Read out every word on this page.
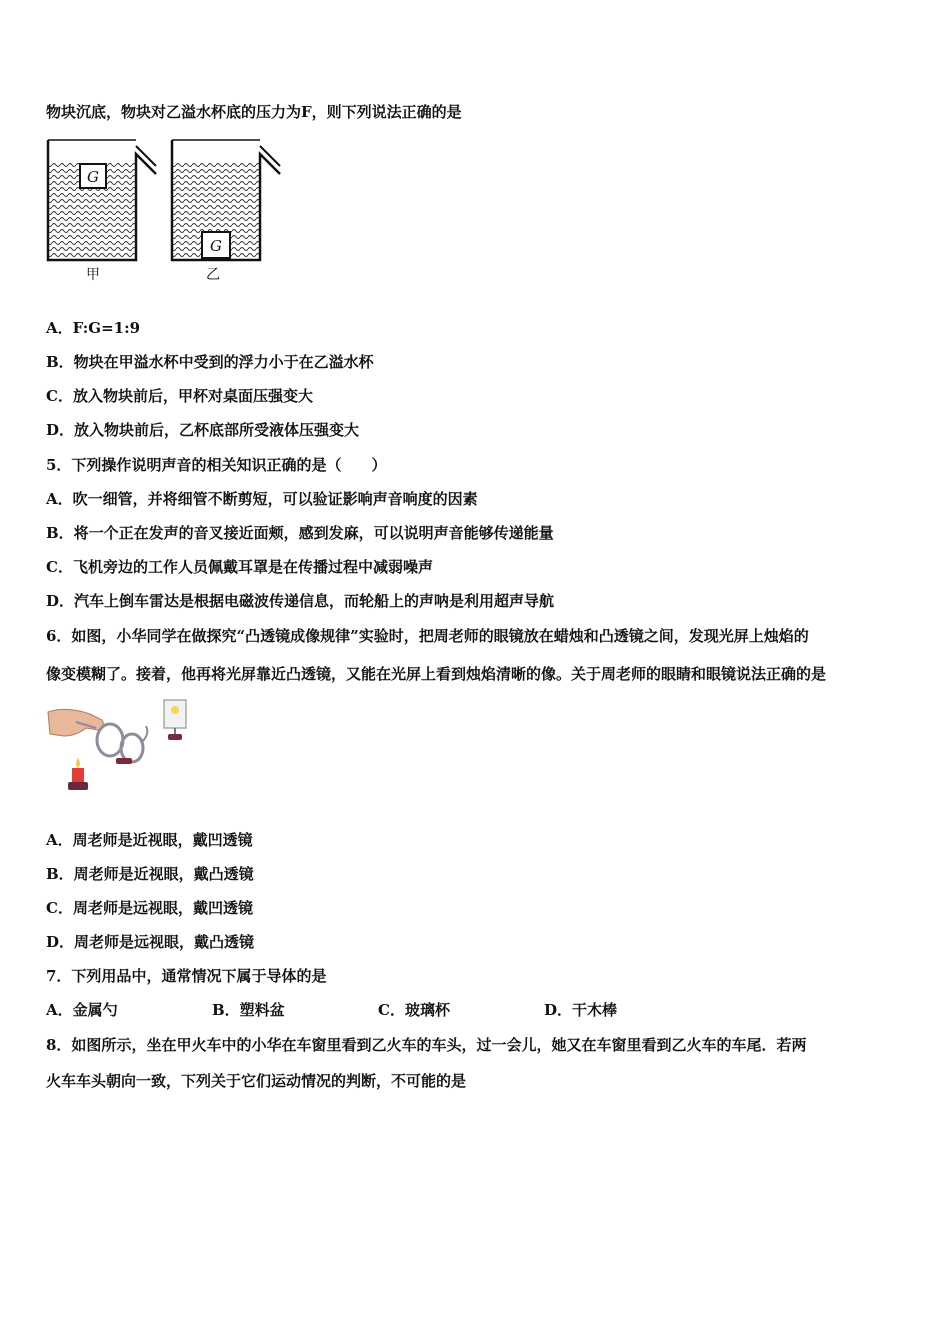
物块沉底，物块对乙溢水杯底的压力为F，则下列说法正确的是
G
甲
G
乙
A．F:G=1:9
B．物块在甲溢水杯中受到的浮力小于在乙溢水杯
C．放入物块前后，甲杯对桌面压强变大
D．放入物块前后，乙杯底部所受液体压强变大
5．下列操作说明声音的相关知识正确的是（　　）
A．吹一细管，并将细管不断剪短，可以验证影响声音响度的因素
B．将一个正在发声的音叉接近面颊，感到发麻，可以说明声音能够传递能量
C．飞机旁边的工作人员佩戴耳罩是在传播过程中减弱噪声
D．汽车上倒车雷达是根据电磁波传递信息，而轮船上的声呐是利用超声导航
6．如图，小华同学在做探究“凸透镜成像规律”实验时，把周老师的眼镜放在蜡烛和凸透镜之间，发现光屏上烛焰的
像变模糊了。接着，他再将光屏靠近凸透镜，又能在光屏上看到烛焰清晰的像。关于周老师的眼睛和眼镜说法正确的是
A．周老师是近视眼，戴凹透镜
B．周老师是近视眼，戴凸透镜
C．周老师是远视眼，戴凹透镜
D．周老师是远视眼，戴凸透镜
7．下列用品中，通常情况下属于导体的是
A．金属勺	B．塑料盆	C．玻璃杯	D．干木棒
8．如图所示，坐在甲火车中的小华在车窗里看到乙火车的车头，过一会儿，她又在车窗里看到乙火车的车尾．若两
火车车头朝向一致，下列关于它们运动情况的判断，不可能的是
